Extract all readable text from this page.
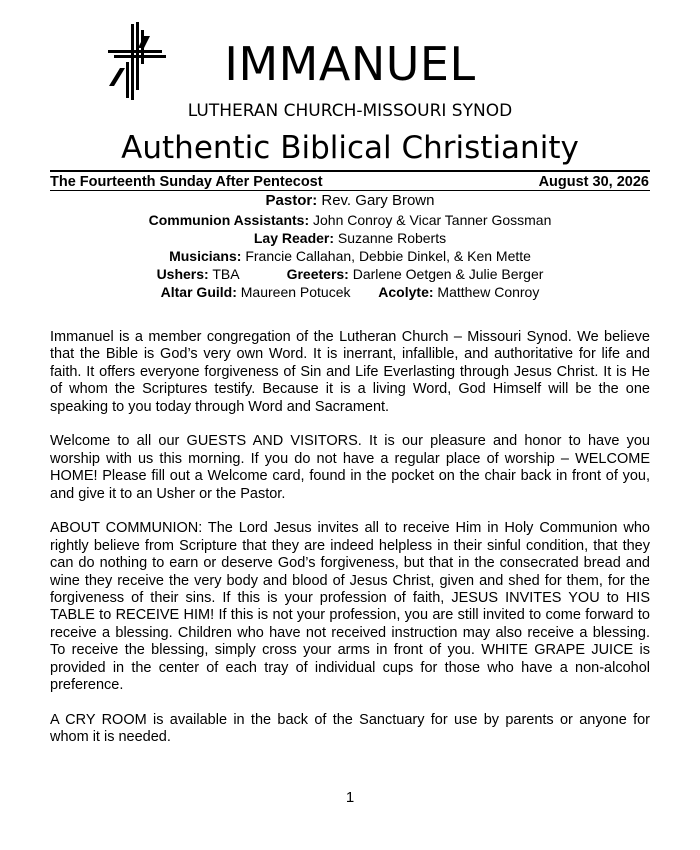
IMMANUEL
LUTHERAN CHURCH-MISSOURI SYNOD
Authentic Biblical Christianity
The Fourteenth Sunday After Pentecost	August 30, 2026
Pastor: Rev. Gary Brown
Communion Assistants: John Conroy & Vicar Tanner Gossman
Lay Reader: Suzanne Roberts
Musicians: Francie Callahan, Debbie Dinkel, & Ken Mette
Ushers: TBA	Greeters: Darlene Oetgen & Julie Berger
Altar Guild: Maureen Potucek Acolyte: Matthew Conroy

Immanuel is a member congregation of the Lutheran Church – Missouri Synod. We believe that the Bible is God’s very own Word. It is inerrant, infallible, and authoritative for life and faith. It offers everyone forgiveness of Sin and Life Everlasting through Jesus Christ. It is He of whom the Scriptures testify. Because it is a living Word, God Himself will be the one speaking to you today through Word and Sacrament.

Welcome to all our GUESTS AND VISITORS. It is our pleasure and honor to have you worship with us this morning. If you do not have a regular place of worship – WELCOME HOME! Please fill out a Welcome card, found in the pocket on the chair back in front of you, and give it to an Usher or the Pastor.

ABOUT COMMUNION: The Lord Jesus invites all to receive Him in Holy Communion who rightly believe from Scripture that they are indeed helpless in their sinful condition, that they can do nothing to earn or deserve God’s forgiveness, but that in the consecrated bread and wine they receive the very body and blood of Jesus Christ, given and shed for them, for the forgiveness of their sins. If this is your profession of faith, JESUS INVITES YOU to HIS TABLE to RECEIVE HIM! If this is not your profession, you are still invited to come forward to receive a blessing. Children who have not received instruction may also receive a blessing. To receive the blessing, simply cross your arms in front of you. WHITE GRAPE JUICE is provided in the center of each tray of individual cups for those who have a non-alcohol preference.

A CRY ROOM is available in the back of the Sanctuary for use by parents or anyone for whom it is needed.

1
